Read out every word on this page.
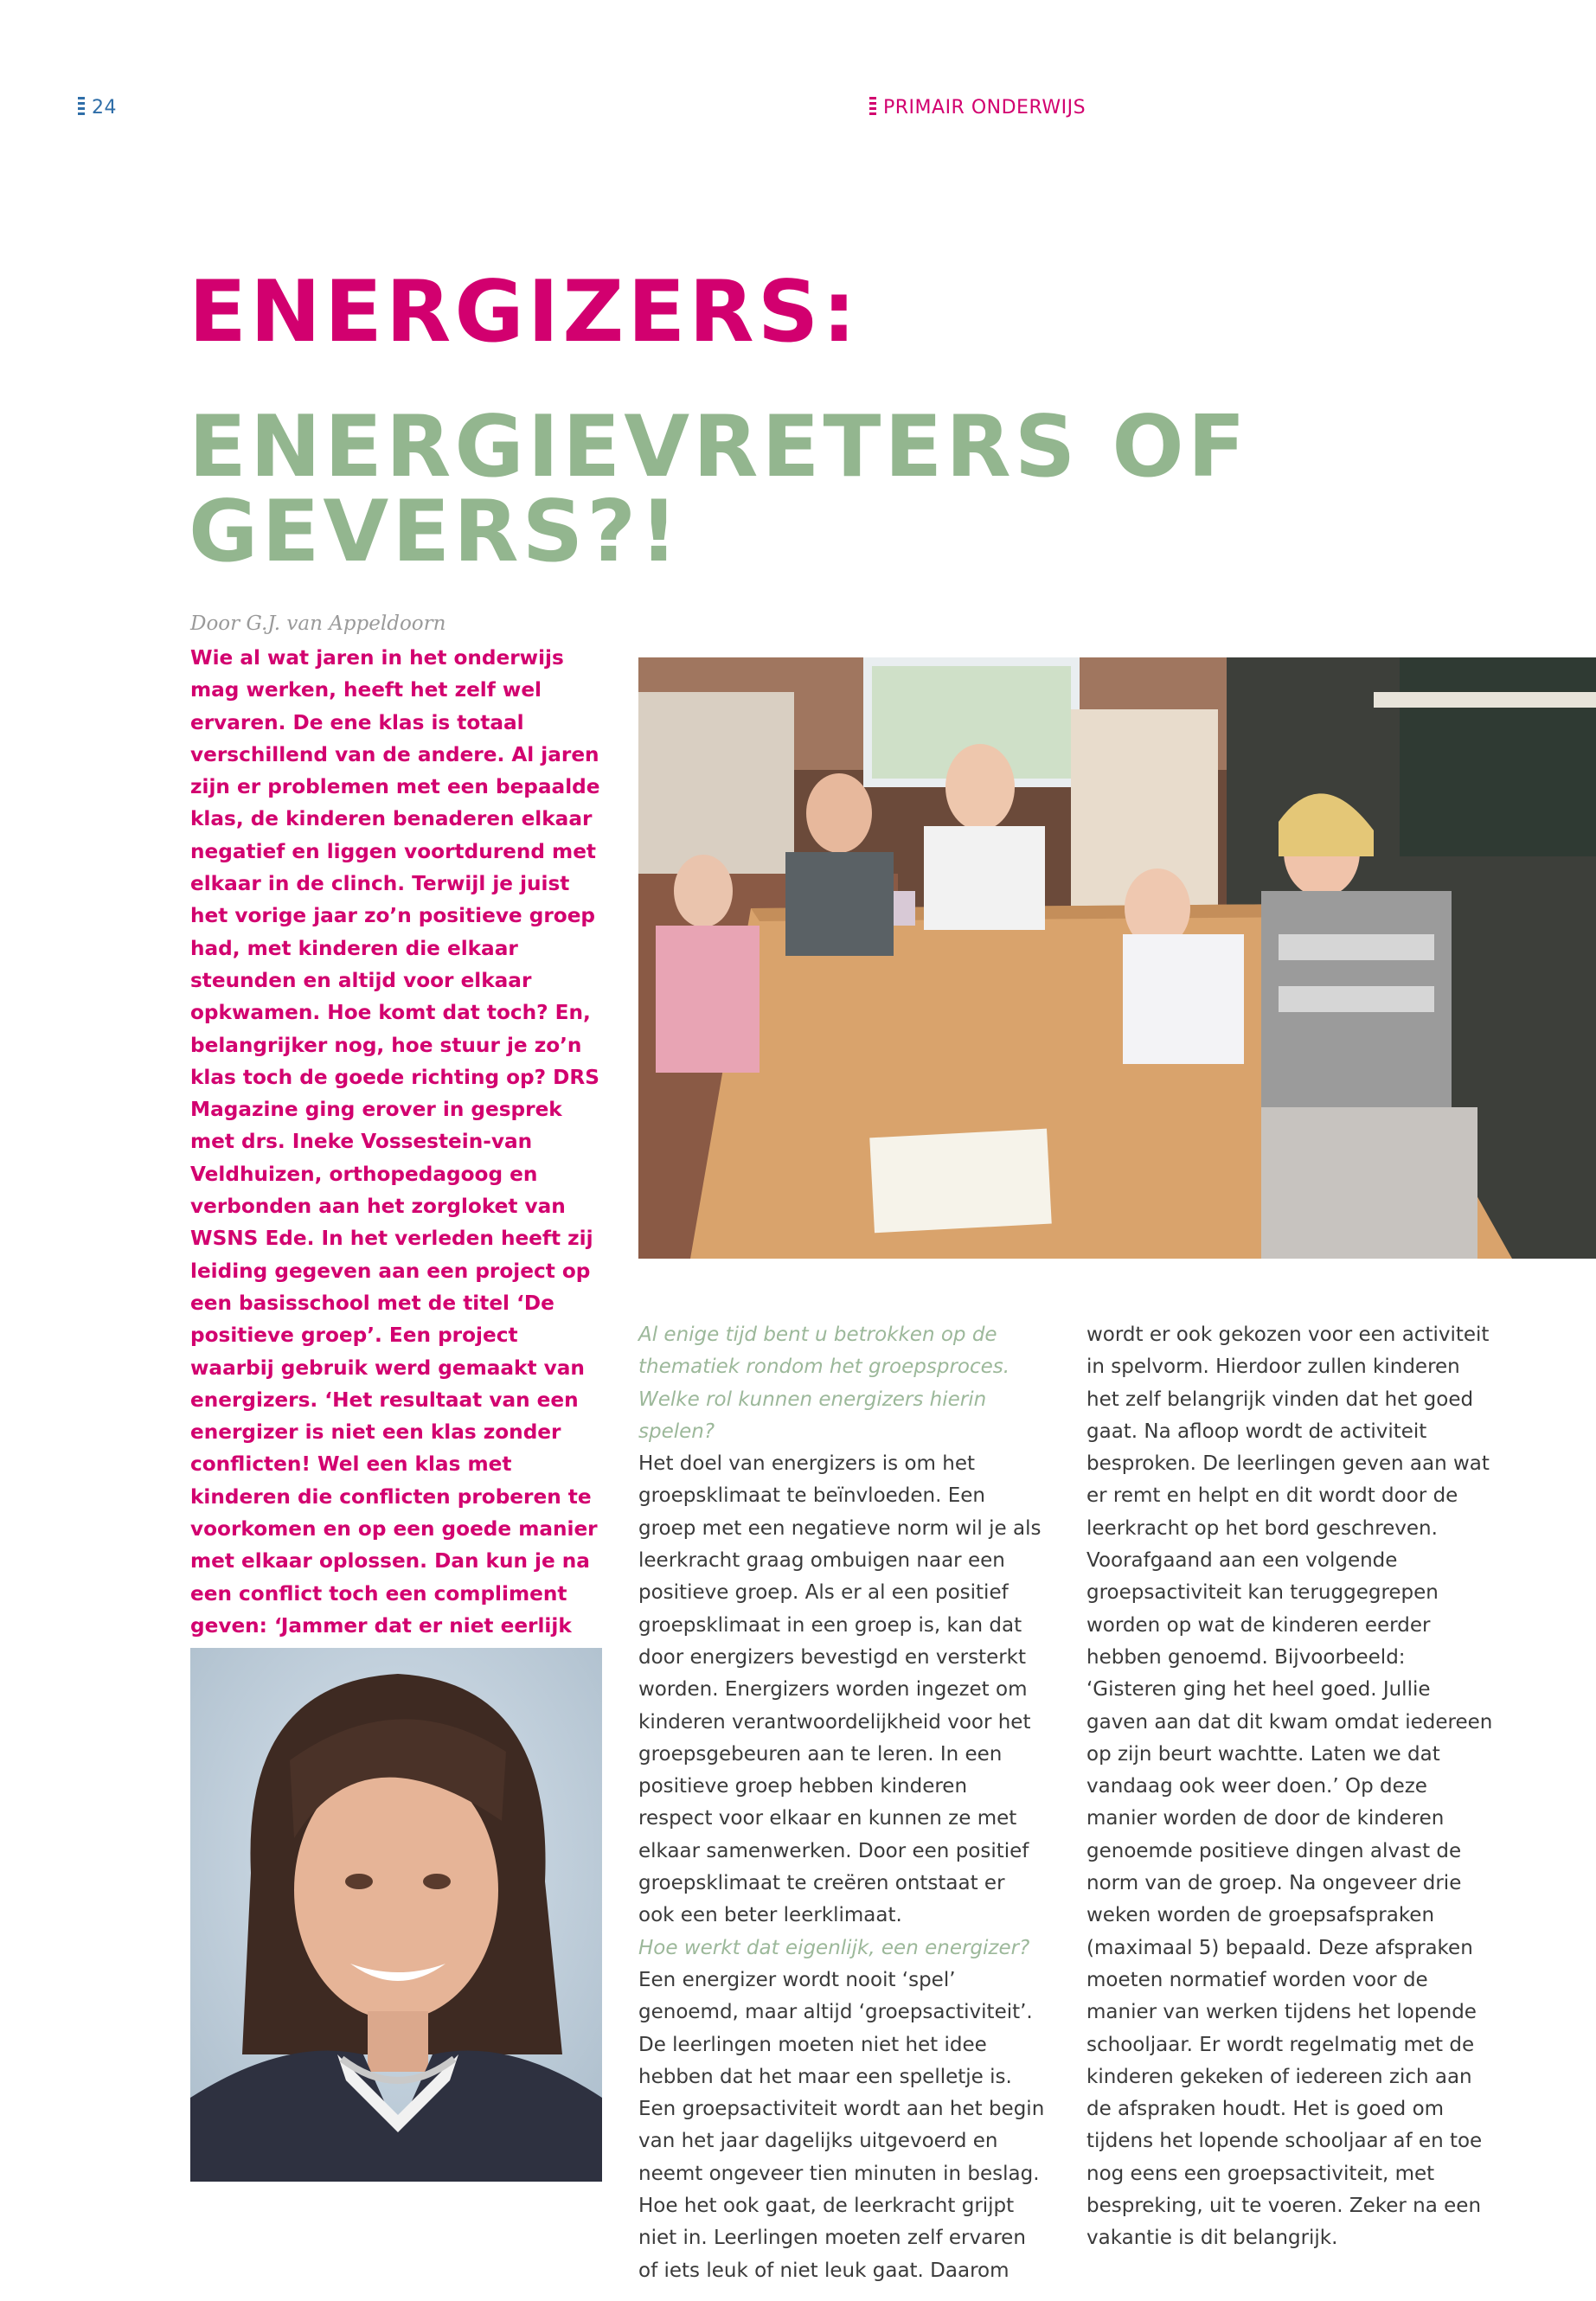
24	PRIMAIR ONDERWIJS
ENERGIZERS:
ENERGIEVRETERS OF GEVERS?!
Door G.J. van Appeldoorn

Wie al wat jaren in het onderwijs mag werken, heeft het zelf wel ervaren. De ene klas is totaal verschillend van de andere. Al jaren zijn er problemen met een bepaalde klas, de kinderen benaderen elkaar negatief en liggen voortdurend met elkaar in de clinch. Terwijl je juist het vorige jaar zo’n positieve groep had, met kinderen die elkaar steunden en altijd voor elkaar opkwamen. Hoe komt dat toch? En, belangrijker nog, hoe stuur je zo’n klas toch de goede richting op? DRS Magazine ging erover in gesprek met drs. Ineke Vossestein-van Veldhuizen, orthopedagoog en verbonden aan het zorgloket van WSNS Ede. In het verleden heeft zij leiding gegeven aan een project op een basisschool met de titel ‘De positieve groep’. Een project waarbij gebruik werd gemaakt van energizers. ‘Het resultaat van een energizer is niet een klas zonder conflicten! Wel een klas met kinderen die conflicten proberen te voorkomen en op een goede manier met elkaar oplossen. Dan kun je na een conflict toch een compliment geven: ‘Jammer dat er niet eerlijk

Al enige tijd bent u betrokken op de thematiek rondom het groepsproces. Welke rol kunnen energizers hierin spelen?

Het doel van energizers is om het groepsklimaat te beïnvloeden. Een groep met een negatieve norm wil je als leerkracht graag ombuigen naar een positieve groep. Als er al een positief groepsklimaat in een groep is, kan dat door energizers bevestigd en versterkt worden. Energizers worden ingezet om kinderen verantwoordelijkheid voor het groepsgebeuren aan te leren. In een positieve groep hebben kinderen respect voor elkaar en kunnen ze met elkaar samenwerken. Door een positief groepsklimaat te creëren ontstaat er ook een beter leerklimaat.

Hoe werkt dat eigenlijk, een energizer?

Een energizer wordt nooit ‘spel’ genoemd, maar altijd ‘groepsactiviteit’. De leerlingen moeten niet het idee hebben dat het maar een spelletje is. Een groepsactiviteit wordt aan het begin van het jaar dagelijks uitgevoerd en neemt ongeveer tien minuten in beslag. Hoe het ook gaat, de leerkracht grijpt niet in. Leerlingen moeten zelf ervaren of iets leuk of niet leuk gaat. Daarom

wordt er ook gekozen voor een activiteit in spelvorm. Hierdoor zullen kinderen het zelf belangrijk vinden dat het goed gaat. Na afloop wordt de activiteit besproken. De leerlingen geven aan wat er remt en helpt en dit wordt door de leerkracht op het bord geschreven. Voorafgaand aan een volgende groepsactiviteit kan teruggegrepen worden op wat de kinderen eerder hebben genoemd. Bijvoorbeeld: ‘Gisteren ging het heel goed. Jullie gaven aan dat dit kwam omdat iedereen op zijn beurt wachtte. Laten we dat vandaag ook weer doen.’ Op deze manier worden de door de kinderen genoemde positieve dingen alvast de norm van de groep. Na ongeveer drie weken worden de groepsafspraken (maximaal 5) bepaald. Deze afspraken moeten normatief worden voor de manier van werken tijdens het lopende schooljaar. Er wordt regelmatig met de kinderen gekeken of iedereen zich aan de afspraken houdt. Het is goed om tijdens het lopende schooljaar af en toe nog eens een groepsactiviteit, met bespreking, uit te voeren. Zeker na een vakantie is dit belangrijk.
